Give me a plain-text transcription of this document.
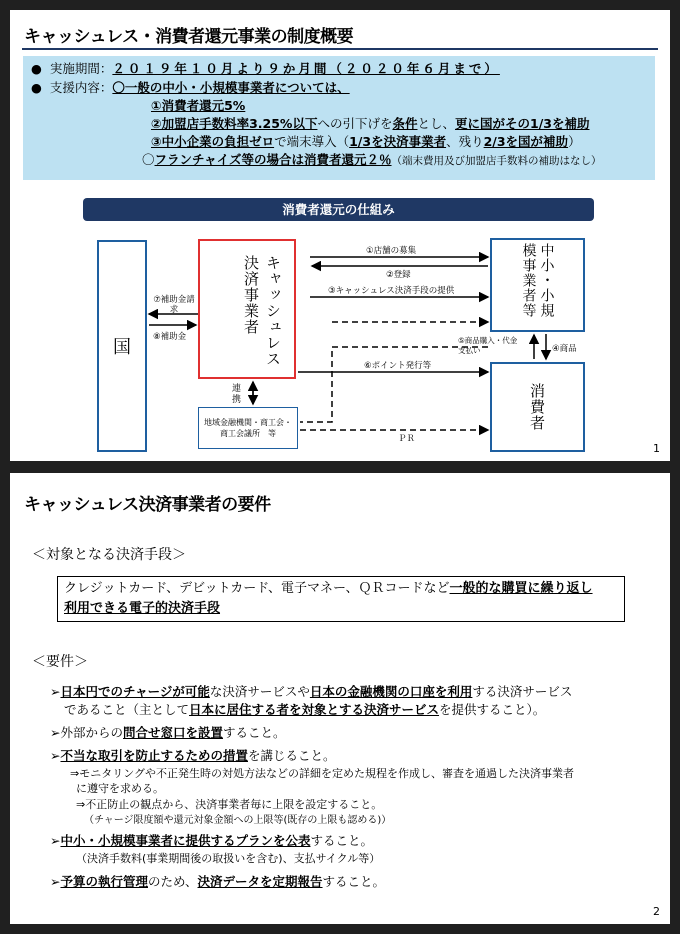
キャッシュレス・消費者還元事業の制度概要
●  実施期間：２０１９年１０月より９か月間（２０２０年６月まで）
●  支援内容：〇一般の中小・小規模事業者については、
①消費者還元5%
②加盟店手数料率3.25%以下への引下げを条件とし、更に国がその1/3を補助
③中小企業の負担ゼロで端末導入（1/3を決済事業者、残り2/3を国が補助）
〇フランチャイズ等の場合は消費者還元２％（端末費用及び加盟店手数料の補助はなし）
消費者還元の仕組み
国	キャッシュレス決済事業者	中小・小規模事業者等
消費者
地域金融機関・商工会・商工会議所　等
①店舗の募集
②登録
③キャッシュレス決済手段の提供
④商品
⑤商品購入・代金支払い
⑥ポイント発行等
⑦補助金請求
⑧補助金
連携
ＰＲ
1
キャッシュレス決済事業者の要件
＜対象となる決済手段＞
クレジットカード、デビットカード、電子マネー、ＱＲコードなど一般的な購買に繰り返し
利用できる電子的決済手段
＜要件＞
➢日本円でのチャージが可能な決済サービスや日本の金融機関の口座を利用する決済サービス
であること（主として日本に居住する者を対象とする決済サービスを提供すること）。
➢外部からの問合せ窓口を設置すること。
➢不当な取引を防止するための措置を講じること。
⇒モニタリングや不正発生時の対処方法などの詳細を定めた規程を作成し、審査を通過した決済事業者
に遵守を求める。
⇒不正防止の観点から、決済事業者毎に上限を設定すること。
（チャージ限度額や還元対象金額への上限等(既存の上限も認める)）
➢中小・小規模事業者に提供するプランを公表すること。
（決済手数料(事業期間後の取扱いを含む)、支払サイクル等）
➢予算の執行管理のため、決済データを定期報告すること。
2
